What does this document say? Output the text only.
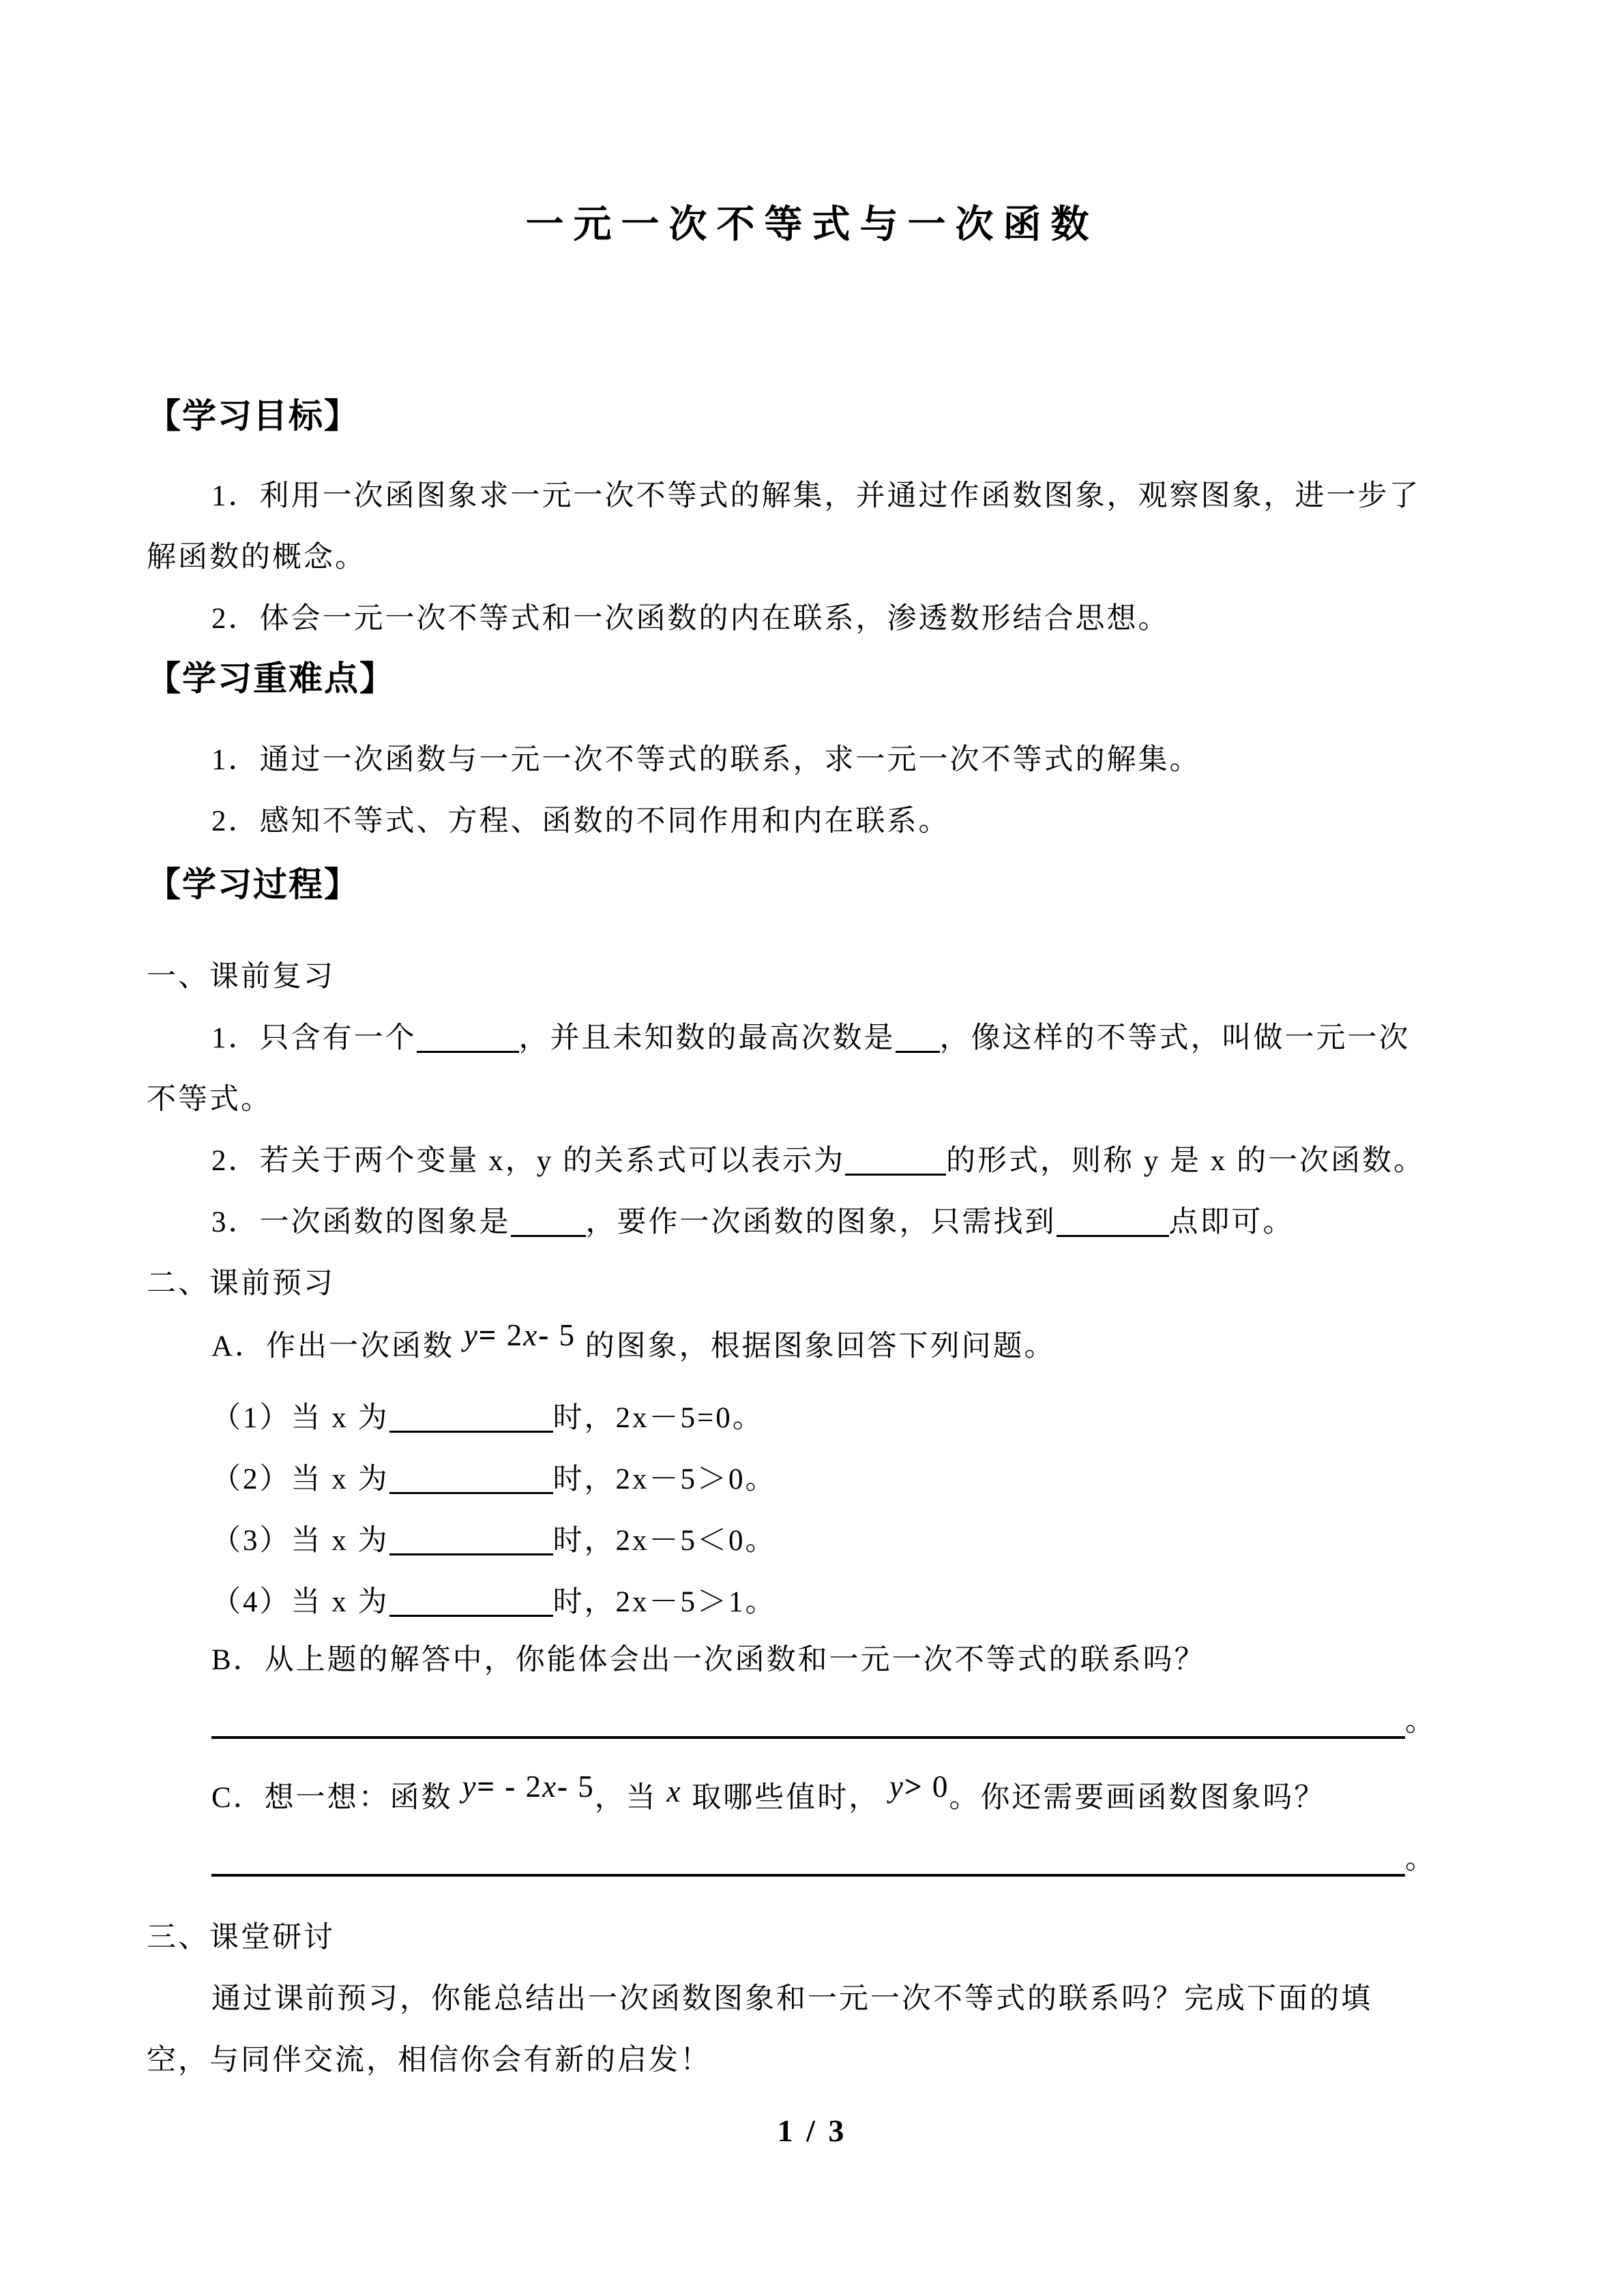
一元一次不等式与一次函数
【学习目标】

1．利用一次函图象求一元一次不等式的解集，并通过作函数图象，观察图象，进一步了

解函数的概念。

2．体会一元一次不等式和一次函数的内在联系，渗透数形结合思想。

【学习重难点】

1．通过一次函数与一元一次不等式的联系，求一元一次不等式的解集。

2．感知不等式、方程、函数的不同作用和内在联系。

【学习过程】

一、课前复习

1．只含有一个	，并且未知数的最高次数是 ，像这样的不等式，叫做一元一次

不等式。

2．若关于两个变量 x，y 的关系式可以表示为	的形式，则称 y 是 x 的一次函数。

3．一次函数的图象是	，要作一次函数的图象，只需找到	点即可。

二、课前预习

A．作出一次函数 y= 2x- 5 的图象，根据图象回答下列问题。

（1）当 x 为	时，2x－5=0。

（2）当 x 为	时，2x－5＞0。

（3）当 x 为	时，2x－5＜0。

（4）当 x 为	时，2x－5＞1。

B．从上题的解答中，你能体会出一次函数和一元一次不等式的联系吗？

。

C．想一想：函数 y= - 2x- 5，当 x 取哪些值时， y> 0。你还需要画函数图象吗？

。

三、课堂研讨

通过课前预习，你能总结出一次函数图象和一元一次不等式的联系吗？完成下面的填

空，与同伴交流，相信你会有新的启发！

1 / 3
